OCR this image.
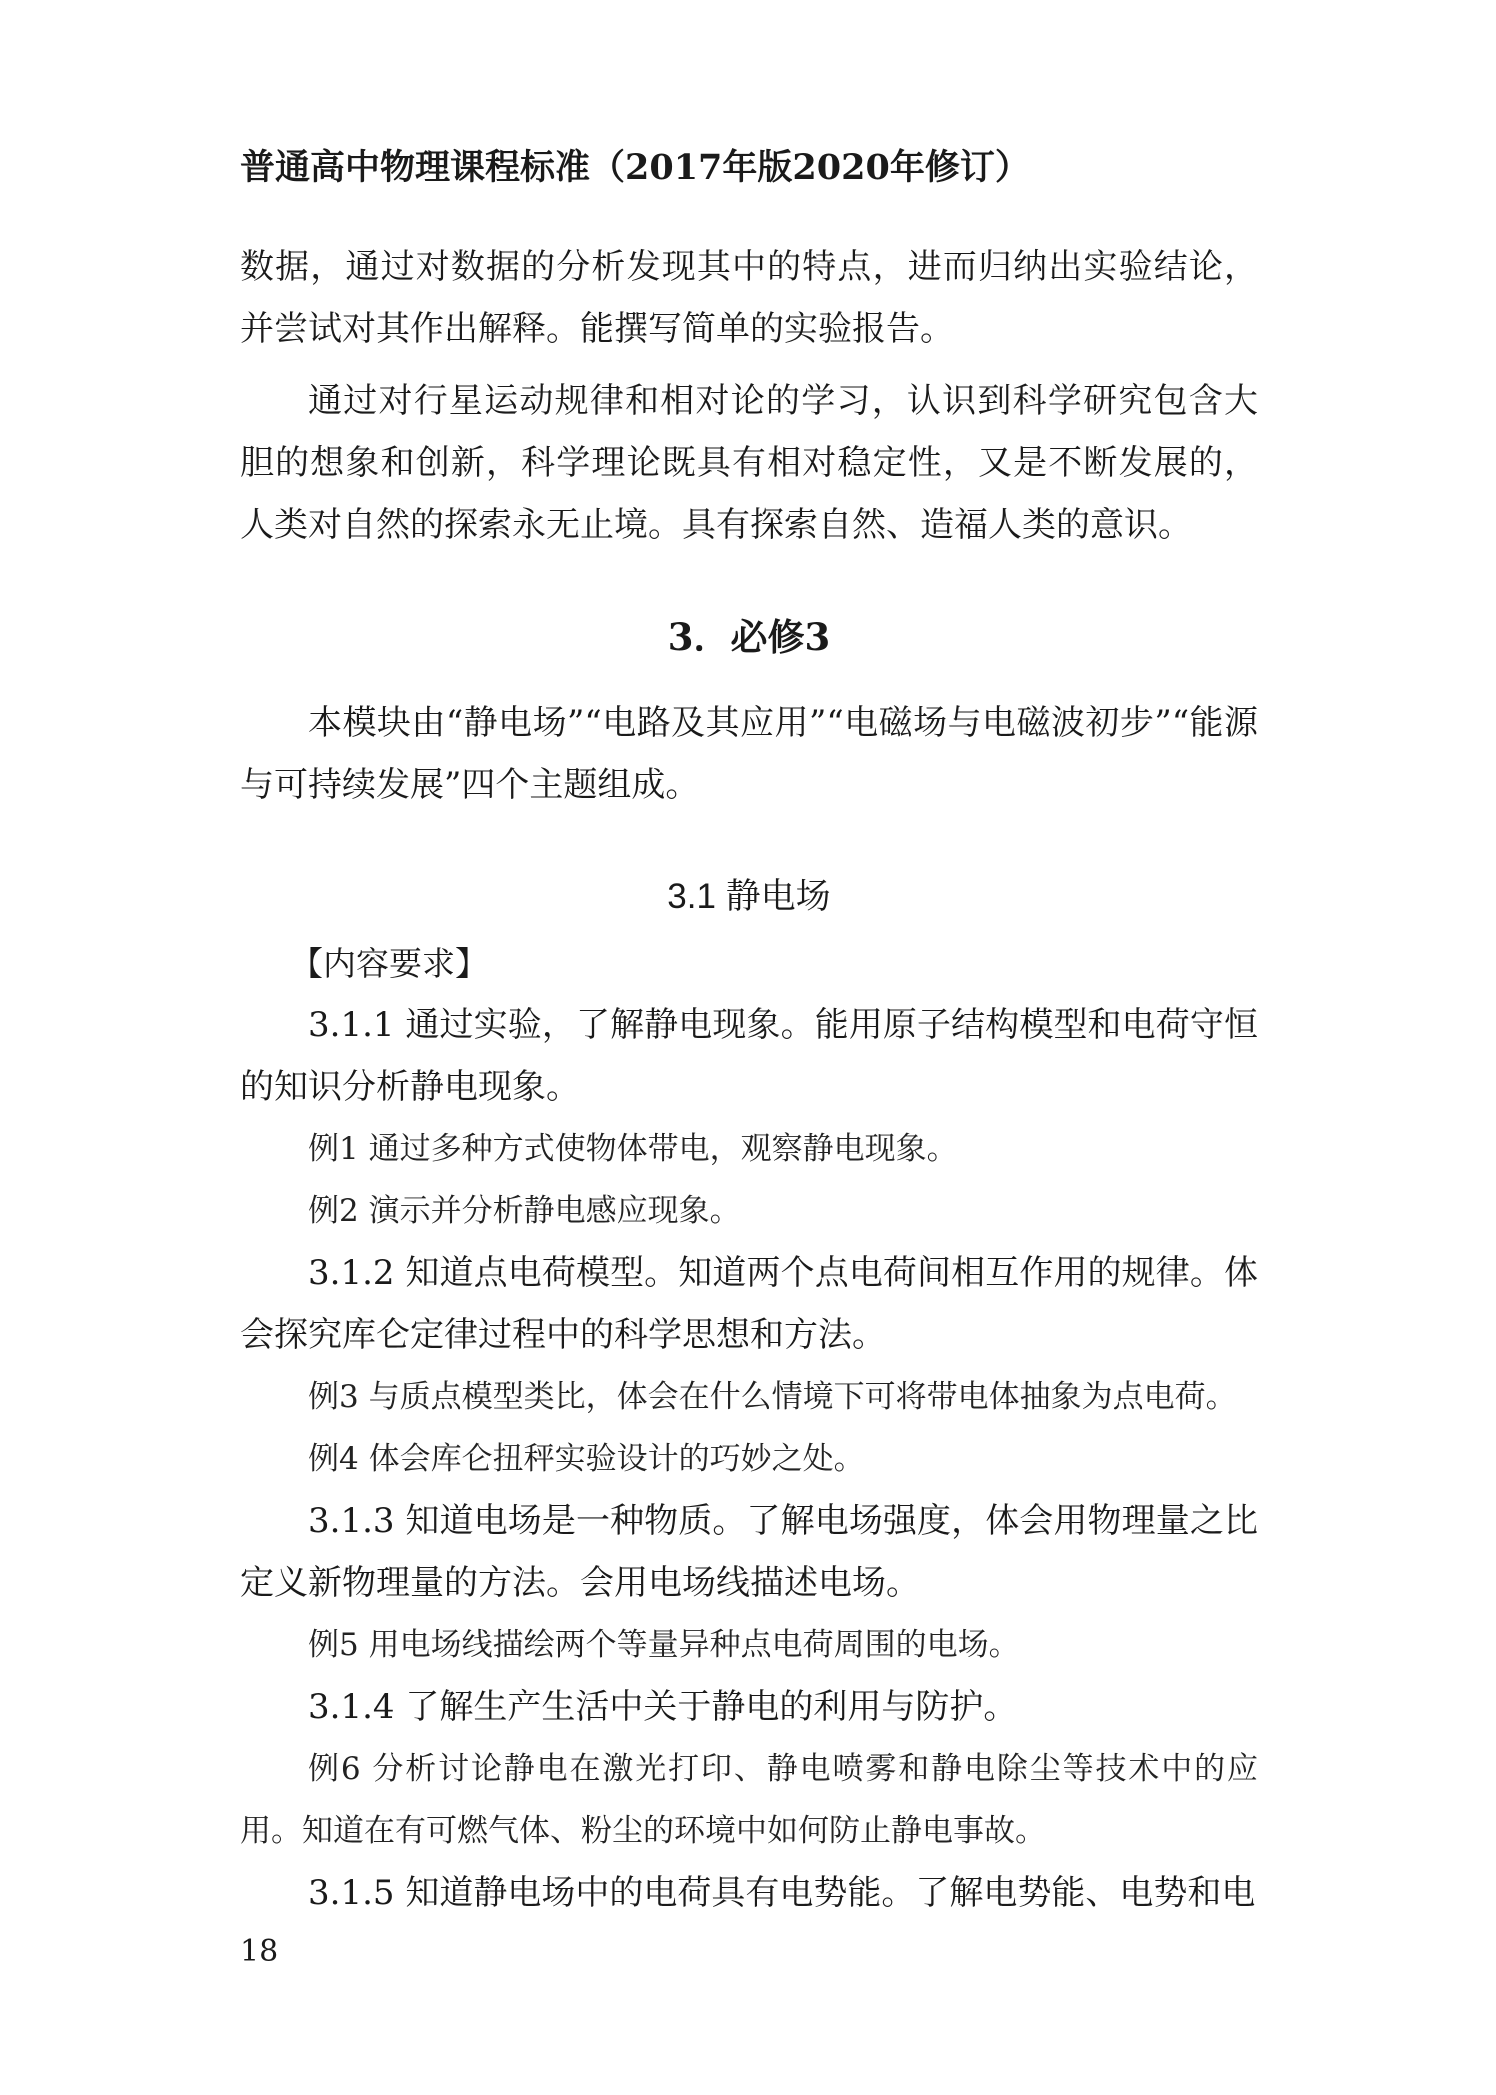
普通高中物理课程标准（2017年版2020年修订）

数据，通过对数据的分析发现其中的特点，进而归纳出实验结论，并尝试对其作出解释。能撰写简单的实验报告。

通过对行星运动规律和相对论的学习，认识到科学研究包含大胆的想象和创新，科学理论既具有相对稳定性，又是不断发展的，人类对自然的探索永无止境。具有探索自然、造福人类的意识。

3．必修3

本模块由“静电场”“电路及其应用”“电磁场与电磁波初步”“能源与可持续发展”四个主题组成。

3.1 静电场
【内容要求】

3.1.1 通过实验，了解静电现象。能用原子结构模型和电荷守恒的知识分析静电现象。

例1 通过多种方式使物体带电，观察静电现象。

例2 演示并分析静电感应现象。

3.1.2 知道点电荷模型。知道两个点电荷间相互作用的规律。体会探究库仑定律过程中的科学思想和方法。

例3 与质点模型类比，体会在什么情境下可将带电体抽象为点电荷。

例4 体会库仑扭秤实验设计的巧妙之处。

3.1.3 知道电场是一种物质。了解电场强度，体会用物理量之比定义新物理量的方法。会用电场线描述电场。

例5 用电场线描绘两个等量异种点电荷周围的电场。

3.1.4 了解生产生活中关于静电的利用与防护。

例6 分析讨论静电在激光打印、静电喷雾和静电除尘等技术中的应用。知道在有可燃气体、粉尘的环境中如何防止静电事故。

3.1.5 知道静电场中的电荷具有电势能。了解电势能、电势和电

18
